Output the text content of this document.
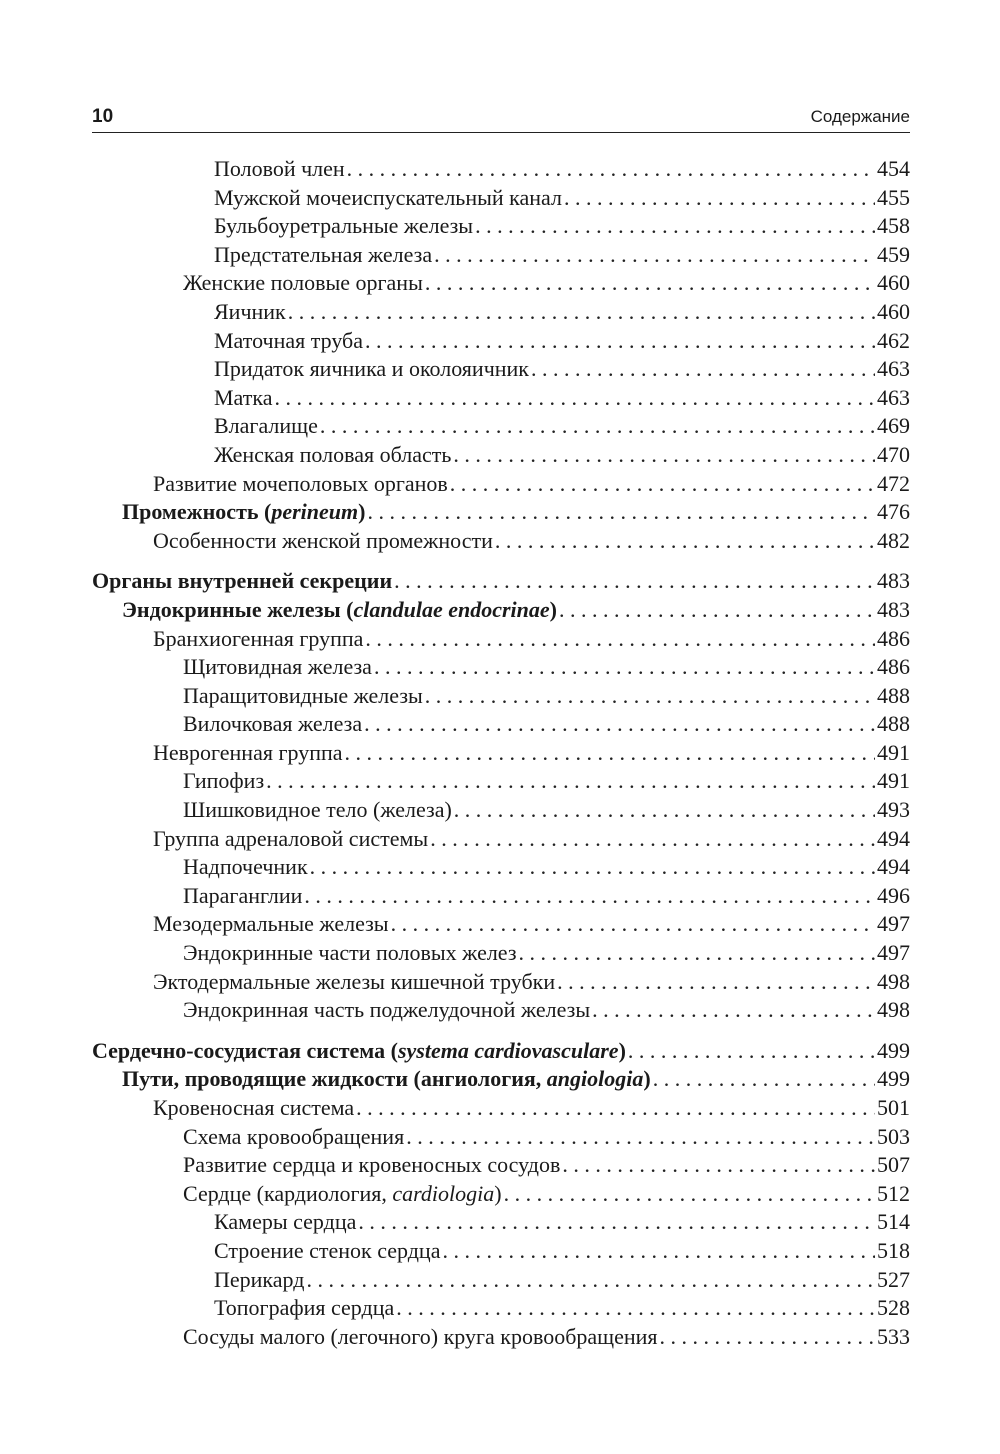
10	Содержание
Половой член . . .	454
Мужской мочеиспускательный канал . . .	455
Бульбоуретральные железы . . .	458
Предстательная железа . . .	459
Женские половые органы . . .	460
Яичник . . .	460
Маточная труба . . .	462
Придаток яичника и околояичник . . .	463
Матка . . .	463
Влагалище . . .	469
Женская половая область . . .	470
Развитие мочеполовых органов . . .	472
Промежность (perineum) . . .	476
Особенности женской промежности . . .	482
Органы внутренней секреции . . .	483
Эндокринные железы (clandulae endocrinae) . . .	483
Бранхиогенная группа . . .	486
Щитовидная железа . . .	486
Паращитовидные железы . . .	488
Вилочковая железа . . .	488
Неврогенная группа . . .	491
Гипофиз . . .	491
Шишковидное тело (железа) . . .	493
Группа адреналовой системы . . .	494
Надпочечник . . .	494
Параганглии . . .	496
Мезодермальные железы . . .	497
Эндокринные части половых желез . . .	497
Эктодермальные железы кишечной трубки . . .	498
Эндокринная часть поджелудочной железы . . .	498
Сердечно-сосудистая система (systema cardiovasculare) . . .	499
Пути, проводящие жидкости (ангиология, angiologia) . . .	499
Кровеносная система . . .	501
Схема кровообращения . . .	503
Развитие сердца и кровеносных сосудов . . .	507
Сердце (кардиология, cardiologia) . . .	512
Камеры сердца . . .	514
Строение стенок сердца . . .	518
Перикард . . .	527
Топография сердца . . .	528
Сосуды малого (легочного) круга кровообращения . . .	533
